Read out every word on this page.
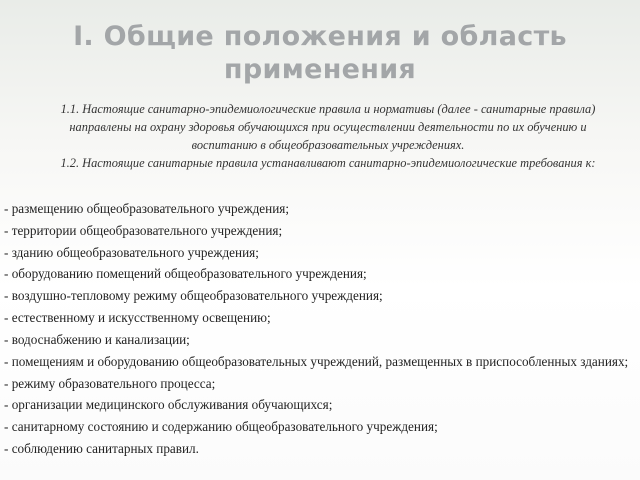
I. Общие положения и область применения

1.1. Настоящие санитарно-эпидемиологические правила и нормативы (далее - санитарные правила) направлены на охрану здоровья обучающихся при осуществлении деятельности по их обучению и воспитанию в общеобразовательных учреждениях.

1.2. Настоящие санитарные правила устанавливают санитарно-эпидемиологические требования к:

- размещению общеобразовательного учреждения;
- территории общеобразовательного учреждения;
- зданию общеобразовательного учреждения;
- оборудованию помещений общеобразовательного учреждения;
- воздушно-тепловому режиму общеобразовательного учреждения;
- естественному и искусственному освещению;
- водоснабжению и канализации;
- помещениям и оборудованию общеобразовательных учреждений, размещенных в приспособленных зданиях;
- режиму образовательного процесса;
- организации медицинского обслуживания обучающихся;
- санитарному состоянию и содержанию общеобразовательного учреждения;
- соблюдению санитарных правил.
